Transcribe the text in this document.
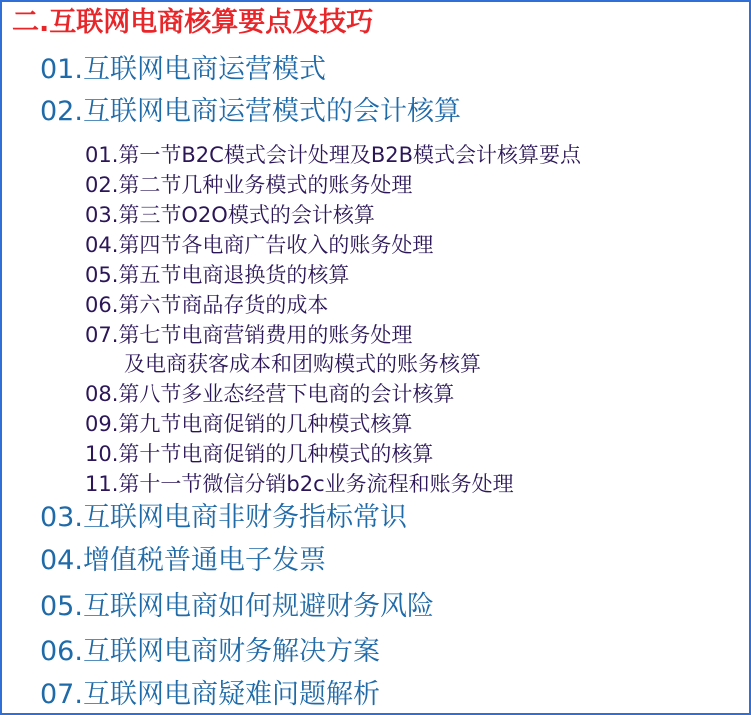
二.互联网电商核算要点及技巧
01.互联网电商运营模式
02.互联网电商运营模式的会计核算
01.第一节B2C模式会计处理及B2B模式会计核算要点
02.第二节几种业务模式的账务处理
03.第三节O2O模式的会计核算
04.第四节各电商广告收入的账务处理
05.第五节电商退换货的核算
06.第六节商品存货的成本
07.第七节电商营销费用的账务处理
及电商获客成本和团购模式的账务核算
08.第八节多业态经营下电商的会计核算
09.第九节电商促销的几种模式核算
10.第十节电商促销的几种模式的核算
11.第十一节微信分销b2c业务流程和账务处理
03.互联网电商非财务指标常识
04.增值税普通电子发票
05.互联网电商如何规避财务风险
06.互联网电商财务解决方案
07.互联网电商疑难问题解析
